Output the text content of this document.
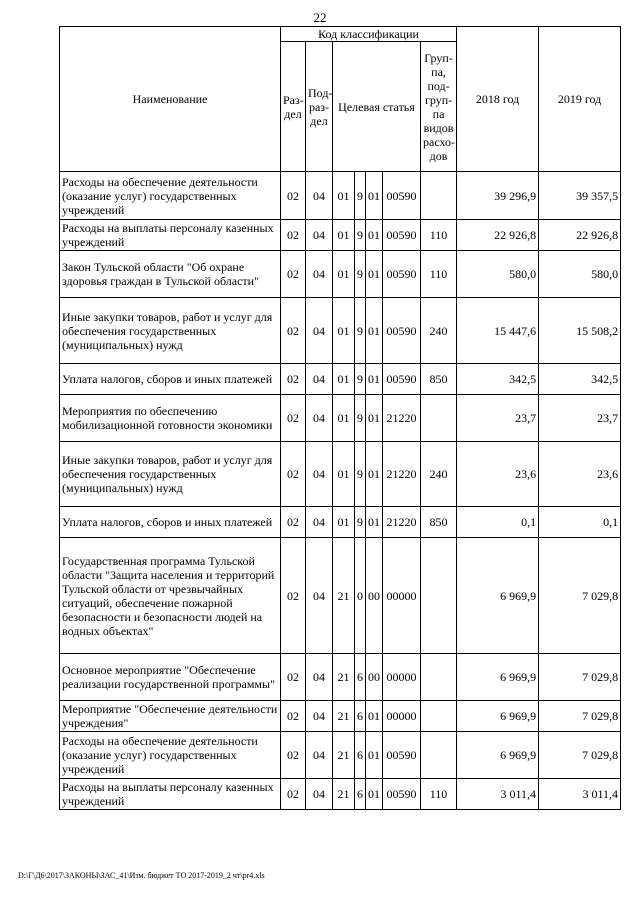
22
Наименование	Код классификации							2018 год	2019 год
	Раз-дел	Под-раз-дел	Целевая статья				Груп-па, под-груп-па видов расхо-дов		
Расходы на обеспечение деятельности (оказание услуг) государственных учреждений	02	04	01	9	01	00590		39 296,9	39 357,5
Расходы на выплаты персоналу казенных учреждений	02	04	01	9	01	00590	110	22 926,8	22 926,8
Закон Тульской области "Об охране здоровья граждан в Тульской области"	02	04	01	9	01	00590	110	580,0	580,0
Иные закупки товаров, работ и услуг для обеспечения государственных (муниципальных) нужд	02	04	01	9	01	00590	240	15 447,6	15 508,2
Уплата налогов, сборов и иных платежей	02	04	01	9	01	00590	850	342,5	342,5
Мероприятия по обеспечению мобилизационной готовности экономики	02	04	01	9	01	21220		23,7	23,7
Иные закупки товаров, работ и услуг для обеспечения государственных (муниципальных) нужд	02	04	01	9	01	21220	240	23,6	23,6
Уплата налогов, сборов и иных платежей	02	04	01	9	01	21220	850	0,1	0,1
Государственная программа Тульской области "Защита населения и территорий Тульской области от чрезвычайных ситуаций, обеспечение пожарной безопасности и безопасности людей на водных объектах"	02	04	21	0	00	00000		6 969,9	7 029,8
Основное мероприятие "Обеспечение реализации государственной программы"	02	04	21	6	00	00000		6 969,9	7 029,8
Мероприятие "Обеспечение деятельности учреждения"	02	04	21	6	01	00000		6 969,9	7 029,8
Расходы на обеспечение деятельности (оказание услуг) государственных учреждений	02	04	21	6	01	00590		6 969,9	7 029,8
Расходы на выплаты персоналу казенных учреждений	02	04	21	6	01	00590	110	3 011,4	3 011,4
D:\Г\Д6\2017\ЗАКОНЫ\ЗАС_41\Изм. бюджет ТО 2017-2019_2 чт\pr4.xls
